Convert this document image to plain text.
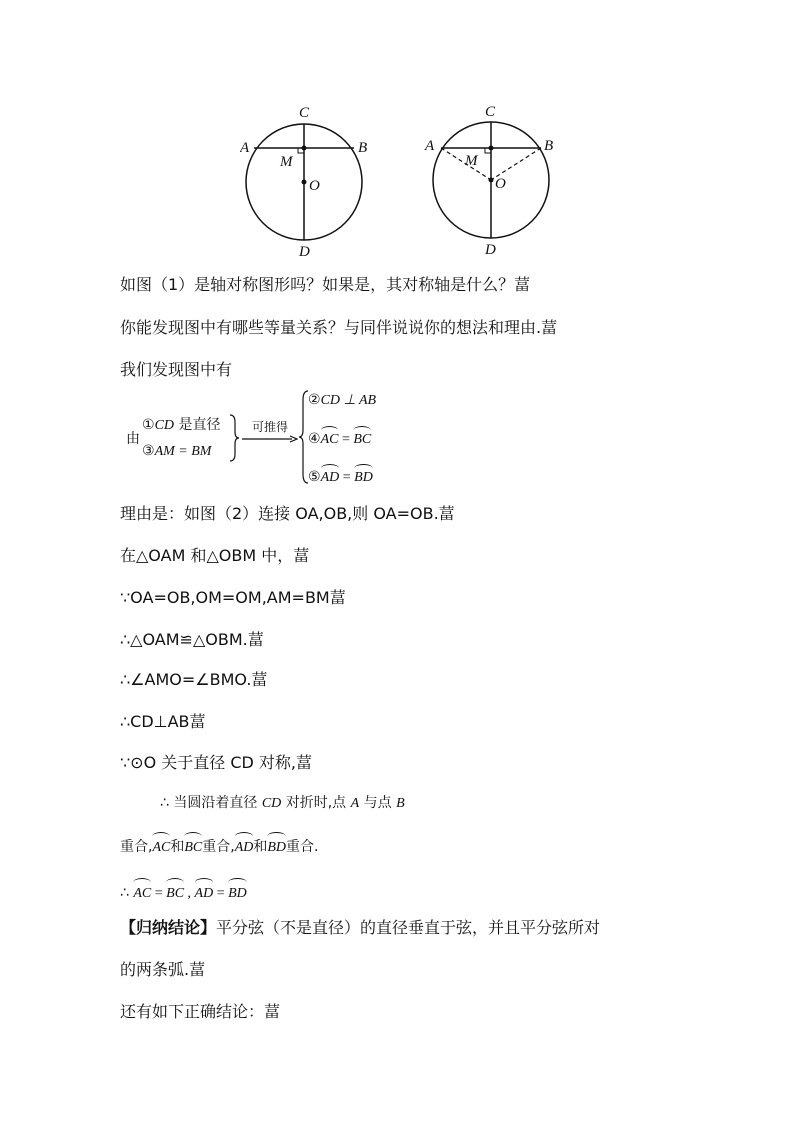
C
A	B
M
O
D
C
A	B
M
O
D
如图（1）是轴对称图形吗？如果是，其对称轴是什么？葍
你能发现图中有哪些等量关系？与同伴说说你的想法和理由.葍
我们发现图中有
由
①CD 是直径
③AM = BM
可推得
②CD ⊥ AB
④AC = BC
⑤AD = BD
理由是：如图（2）连接 OA,OB,则 OA=OB.葍
在△OAM 和△OBM 中，葍
∵OA=OB,OM=OM,AM=BM葍
∴△OAM≌△OBM.葍
∴∠AMO=∠BMO.葍
∴CD⊥AB葍
∵⊙O 关于直径 CD 对称,葍
∴ 当圆沿着直径 CD 对折时,点 A 与点 B
重合,AC和BC重合,AD和BD重合.
∴ AC = BC , AD = BD
【归纳结论】平分弦（不是直径）的直径垂直于弦，并且平分弦所对
的两条弧.葍
还有如下正确结论：葍
